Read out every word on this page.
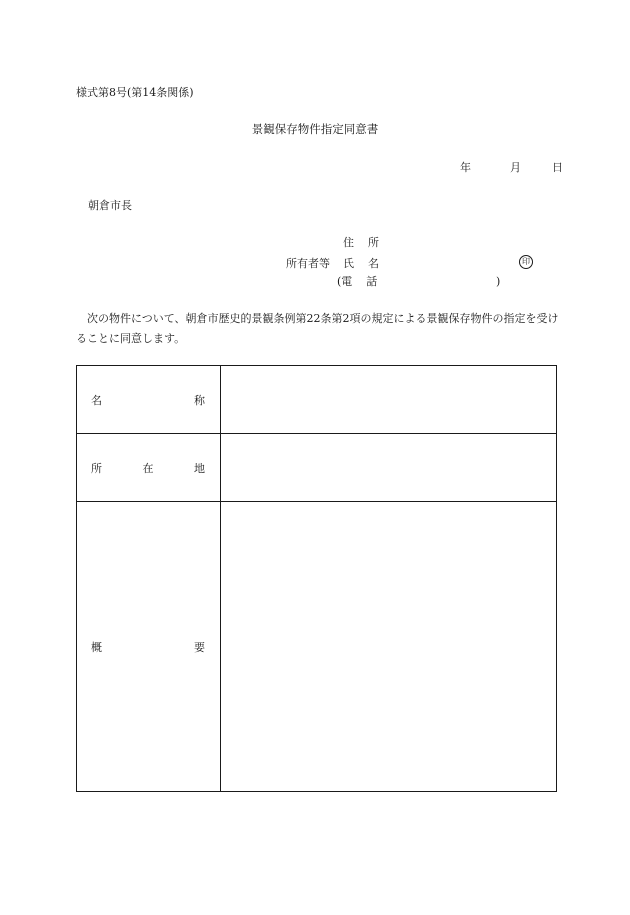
様式第8号(第14条関係)
景観保存物件指定同意書
年	月	日
朝倉市長
所有者等
住 所
氏 名	印
(電 話	)
次の物件について、朝倉市歴史的景観条例第22条第2項の規定による景観保存物件の指定を受けることに同意します。
名 称	

所 在 地	

概 要	
